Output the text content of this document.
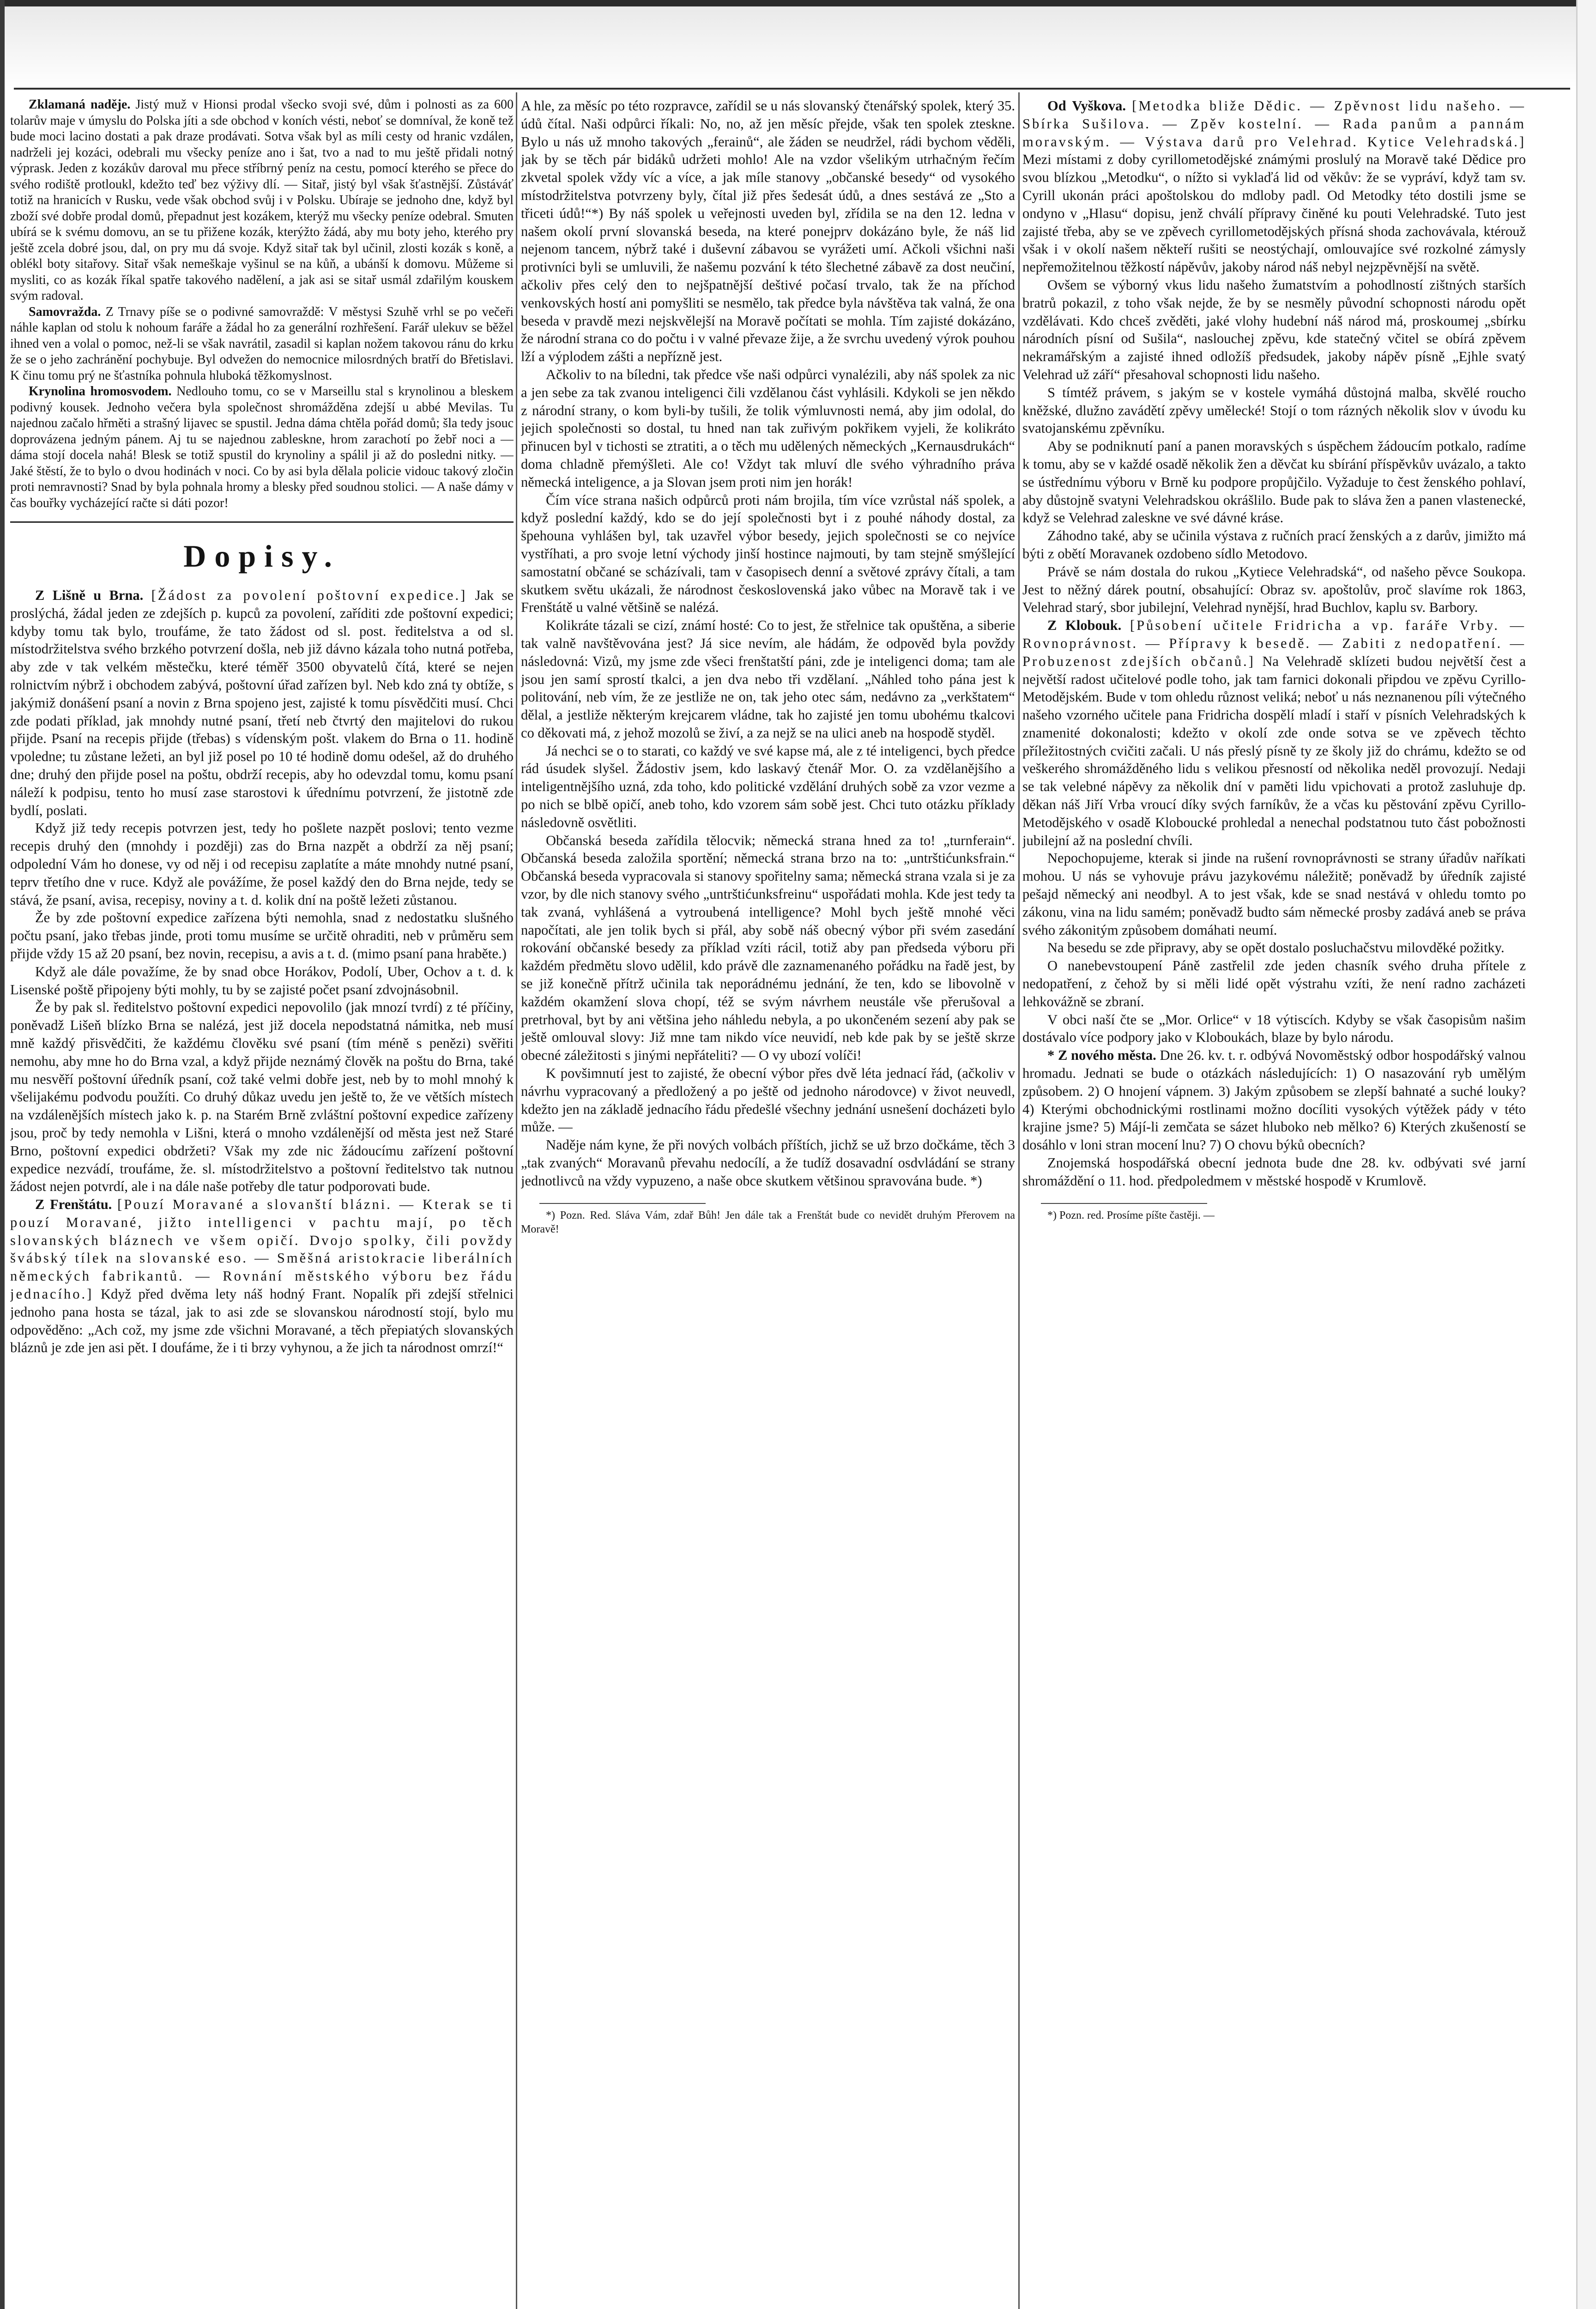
Zklamaná naděje. Jistý muž v Hionsi prodal všecko svoji své, dům i polnosti as za 600 tolarův maje v úmyslu do Polska jíti a sde obchod v koních vésti, neboť se domníval, že koně tež bude moci lacino dostati a pak draze prodávati. Sotva však byl as míli cesty od hranic vzdálen, nadrželi jej kozáci, odebrali mu všecky peníze ano i šat, tvo a nad to mu ještě přidali notný výprask. Jeden z kozákův daroval mu přece stříbrný peníz na cestu, pomocí kterého se přece do svého rodiště protloukl, kdežto teď bez výživy dlí. — Sitař, jistý byl však šťastnější. Zůstáváť totiž na hranicích v Rusku, vede však obchod svůj i v Polsku. Ubíraje se jednoho dne, když byl zboží své dobře prodal domů, přepadnut jest kozákem, kterýž mu všecky peníze odebral. Smuten ubírá se k svému domovu, an se tu přižene kozák, kterýžto žádá, aby mu boty jeho, kterého pry ještě zcela dobré jsou, dal, on pry mu dá svoje. Když sitař tak byl učinil, zlosti kozák s koně, a oblékl boty sitařovy. Sitař však nemeškaje vyšinul se na kůň, a ubánší k domovu. Můžeme si mysliti, co as kozák říkal spatře takového nadělení, a jak asi se sitař usmál zdařilým kouskem svým radoval.

Samovražda. Z Trnavy píše se o podivné samovraždě: V městysi Szuhě vrhl se po večeři náhle kaplan od stolu k nohoum faráře a žádal ho za generální rozhřešení. Farář ulekuv se běžel ihned ven a volal o pomoc, než-li se však navrátil, zasadil si kaplan nožem takovou ránu do krku že se o jeho zachránění pochybuje. Byl odvežen do nemocnice milosrdných bratří do Břetislavi. K činu tomu prý ne šťastníka pohnula hluboká těžkomyslnost.

Krynolina hromosvodem. Nedlouho tomu, co se v Marseillu stal s krynolinou a bleskem podivný kousek. Jednoho večera byla společnost shromážděna zdejší u abbé Mevilas. Tu najednou začalo hřměti a strašný lijavec se spustil. Jedna dáma chtěla pořád domů; šla tedy jsouc doprovázena jedným pánem. Aj tu se najednou zablesknе, hrom zarachotí po žebř noci a — dáma stojí docela nahá! Blesk se totiž spustil do krynoliny a spálil ji až do posledni nitky. — Jaké štěstí, že to bylo o dvou hodinách v noci. Co by asi byla dělala policie vidouc takový zločin proti nemravnosti? Snad by byla pohnala hromy a blesky před soudnou stolici. — A naše dámy v čas bouřky vycházející račte si dáti pozor!

Dopisy.

Z Lišně u Brna. [Žádost za povolení poštovní expedice.] Jak se proslýchá, žádal jeden ze zdejších p. kupců za povolení, zaříditi zde poštovní expedici; kdyby tomu tak bylo, troufáme, že tato žádost od sl. post. ředitelstva a od sl. místodržitelstva svého brzkého potvrzení došla, neb již dávno kázala toho nutná potřeba, aby zde v tak velkém městečku, které téměř 3500 obyvatelů čítá, které se nejen rolnictvím nýbrž i obchodem zabývá, poštovní úřad zařízen byl. Neb kdo zná ty obtíže, s jakýmiž donášení psaní a novin z Brna spojeno jest, zajisté k tomu písvědčiti musí. Chci zde podati příklad, jak mnohdy nutné psaní, třetí neb čtvrtý den majitelovi do rukou přijde. Psaní na recepis přijde (třebas) s vídenským pošt. vlakem do Brna o 11. hodině vpoledne; tu zůstane ležeti, an byl již posel po 10 té hodině domu odešel, až do druhého dne; druhý den přijde posel na poštu, obdrží recepis, aby ho odevzdal tomu, komu psaní náleží k podpisu, tento ho musí zase starostovi k úřednímu potvrzení, že jistotně zde bydlí, poslati.

Když již tedy recepis potvrzen jest, tedy ho pošlete nazpět poslovi; tento vezme recepis druhý den (mnohdy i později) zas do Brna nazpět a obdrží za něj psaní; odpolední Vám ho donese, vy od něj i od recepisu zaplatíte a máte mnohdy nutné psaní, teprv třetího dne v ruce. Když ale povážíme, že posel každý den do Brna nejde, tedy se stává, že psaní, avisa, recepisy, noviny a t. d. kolik dní na poště ležeti zůstanou.

Že by zde poštovní expedice zařízena býti nemohla, snad z nedostatku slušného počtu psaní, jako třebas jinde, proti tomu musíme se určitě ohraditi, neb v průměru sem přijde vždy 15 až 20 psaní, bez novin, recepisu, a avis a t. d. (mimo psaní pana hraběte.)

Když ale dále považíme, že by snad obce Horákov, Podolí, Uber, Ochov a t. d. k Lisenské poště připojeny býti mohly, tu by se zajisté počet psaní zdvojnásobnil.

Že by pak sl. ředitelstvo poštovní expedici nepovolilo (jak mnozí tvrdí) z té příčiny, poněvadž Lišeň blízko Brna se nalézá, jest již docela nepodstatná námitka, neb musí mně každý přisvědčiti, že každému člověku své psaní (tím méně s penězi) svěřiti nemohu, aby mne ho do Brna vzal, a když přijde neznámý člověk na poštu do Brna, také mu nesvěří poštovní úředník psaní, což také velmi dobře jest, neb by to mohl mnohý k všelijakému podvodu použíti. Co druhý důkaz uvedu jen ještě to, že ve větších místech na vzdálenějších místech jako k. p. na Starém Brně zvláštní poštovní expedice zařízeny jsou, proč by tedy nemohla v Lišni, která o mnoho vzdálenější od města jest než Staré Brno, poštovní expedici obdržeti? Však my zde nic žádoucímu zařízení poštovní expedice nezvádí, troufáme, že. sl. místodržitelstvo a poštovní ředitelstvo tak nutnou žádost nejen potvrdí, ale i na dále naše potřeby dle tatur podporovati bude.

Z Frenštátu. [Pouzí Moravané a slovanští blázni. — Kterak se ti pouzí Moravané, jižto intelligenci v pachtu mají, po těch slovanských bláznech ve všem opičí. Dvojo spolky, čili povždy švábský tílek na slovanské eso. — Směšná aristokracie liberálních německých fabrikantů. — Rovnání městského výboru bez řádu jednacího.] Když před dvěma lety náš hodný Frant. Nopalík při zdejší střelnici jednoho pana hosta se tázal, jak to asi zde se slovanskou národností stojí, bylo mu odpověděno: „Ach což, my jsme zde všichni Moravané, a těch přepiatých slovanských bláznů je zde jen asi pět. I doufáme, že i ti brzy vyhynou, a že jich ta národnost omrzí!“

A hle, za měsíc po této rozpravce, zařídil se u nás slovanský čtenářský spolek, který 35. údů čítal. Naši odpůrci říkali: No, no, až jen měsíc přejde, však ten spolek zteskne. Bylo u nás už mnoho takových „ferainů“, ale žáden se neudržel, rádi bychom věděli, jak by se těch pár bidáků udržeti mohlo! Ale na vzdor všelikým utrhačným řečím zkvetal spolek vždy víc a více, a jak míle stanovy „občanské besedy“ od vysokého místodržitelstva potvrzeny byly, čítal již přes šedesát údů, a dnes sestává ze „Sto a třiceti údů!“*) By náš spolek u veřejnosti uveden byl, zřídila se na den 12. ledna v našem okolí první slovanská beseda, na které ponejprv dokázáno byle, že náš lid nejenom tancem, nýbrž také i duševní zábavou se vyrážeti umí. Ačkoli všichni naši protivníci byli se umluvili, že našemu pozvání k této šlechetné zábavě za dost neučiní, ačkoliv přes celý den to nejšpatnější deštivé počasí trvalo, tak že na příchod venkovských hostí ani pomyšliti se nesmělo, tak předce byla návštěva tak valná, že ona beseda v pravdě mezi nejskvělejší na Moravě počítati se mohla. Tím zajisté dokázáno, že národní strana co do počtu i v valné převaze žije, a že svrchu uvedený výrok pouhou lží a výplodem zášti a nepřízně jest.

Ačkoliv to na bíledni, tak předce vše naši odpůrci vynalézili, aby náš spolek za nic a jen sebe za tak zvanou inteligenci čili vzdělanou část vyhlásili. Kdykoli se jen někdo z národní strany, o kom byli-by tušili, že tolik výmluvnosti nemá, aby jim odolal, do jejich společnosti so dostal, tu hned nan tak zuřivým pokřikem vyjeli, že kolikráto přinucen byl v tichosti se ztratiti, a o těch mu udělených německých „Kernausdrukách“ doma chladně přemýšleti. Ale co! Vždyt tak mluví dle svého výhradního práva německá inteligence, a ja Slovan jsem proti nim jen horák!

Čím více strana našich odpůrců proti nám brojila, tím více vzrůstal náš spolek, a když poslední každý, kdo se do její společnosti byt i z pouhé náhody dostal, za špehouna vyhlášen byl, tak uzavřel výbor besedy, jejich společnosti se co nejvíce vystříhati, a pro svoje letní východy jinší hostince najmouti, by tam stejně smýšlející samostatní občané se scházívali, tam v časopisech denní a světové zprávy čítali, a tam skutkem světu ukázali, že národnost československá jako vůbec na Moravě tak i ve Frenštátě u valné většině se nalézá.

Kolikráte tázali se cizí, známí hosté: Co to jest, že střelnice tak opuštěna, a siberie tak valně navštěvována jest? Já sice nevím, ale hádám, že odpověd byla povždy následovná: Vizů, my jsme zde všeci frenštatští páni, zde je inteligenci doma; tam ale jsou jen samí sprostí tkalci, a jen dva nebo tři vzdělaní. „Náhled toho pána jest k politování, neb vím, že ze jestliže ne on, tak jeho otec sám, nedávno za „verkštatem“ dělal, a jestliže některým krejcarem vládne, tak ho zajisté jen tomu ubohému tkalcovi co děkovati má, z jehož mozolů se živí, a za nejž se na ulici aneb na hospodě styděl.

Já nechci se o to starati, co každý ve své kapse má, ale z té inteligenci, bych předce rád úsudek slyšel. Žádostiv jsem, kdo laskavý čtenář Mor. O. za vzdělanějšího a inteligentnějšího uzná, zda toho, kdo politické vzdělání druhých sobě za vzor vezme a po nich se blbě opičí, aneb toho, kdo vzorem sám sobě jest. Chci tuto otázku příklady následovně osvětliti.

Občanská beseda zařídila tělocvik; německá strana hned za to! „turnferain“. Občanská beseda založila sportění; německá strana brzo na to: „untrštićunksfrain.“ Občanská beseda vypracovala si stanovy spořitelny sama; německá strana vzala si je za vzor, by dle nich stanovy svého „untrštićunksfreinu“ uspořádati mohla. Kde jest tedy ta tak zvaná, vyhlášená a vytroubená intelligence? Mohl bych ještě mnohé věci napočítati, ale jen tolik bych si přál, aby sobě náš obecný výbor při svém zasedání rokování občanské besedy za příklad vzíti rácil, totiž aby pan předseda výboru při každém předmětu slovo udělil, kdo právě dle zaznamenaného pořádku na řadě jest, by se již konečně přítrž učinila tak neporádnému jednání, že ten, kdo se libovolně v každém okamžení slova chopí, též se svým návrhem neustále vše přerušoval a pretrhoval, byt by ani většina jeho náhledu nebyla, a po ukončeném sezení aby pak se ještě omlouval slovy: Již mne tam nikdo více neuvidí, neb kde pak by se ještě skrze obecné záležitosti s jinými nepřáteliti? — O vy ubozí volíči!

K povšimnutí jest to zajisté, že obecní výbor přes dvě léta jednací řád, (ačkoliv v návrhu vypracovaný a předložený a po ještě od jednoho národovce) v život neuvedl, kdežto jen na základě jednacího řádu předešlé všechny jednání usnešení docházeti bylo můžе. —

Naděje nám kyne, že při nových volbách příštích, jichž se už brzo dočkáme, těch 3 „tak zvaných“ Moravanů převahu nedocílí, a že tudíž dosavadní osdvládání se strany jednotlivců na vždy vypuzeno, a naše obce skutkem většinou spravována bude. *)

*) Pozn. Red. Sláva Vám, zdař Bůh! Jen dále tak a Frenštát bude co nevidět druhým Přerovem na Moravě!

Od Vyškova. [Metodka bliže Dědic. — Zpěvnost lidu našeho. — Sbírka Sušilova. — Zpěv kostelní. — Rada panům a pannám moravským. — Výstava darů pro Velehrad. Kytice Velehradská.] Mezi místami z doby cyrillometodějské známými proslulý na Moravě také Dědice pro svou blízkou „Metodku“, o nížto si vyklaďá lid od věkův: že se vypráví, když tam sv. Cyrill ukonán práci apoštolskou do mdloby padl. Od Metodky této dostili jsme se ondyno v „Hlasu“ dopisu, jenž chválí přípravy činěné ku pouti Velehradské. Tuto jest zajisté třeba, aby se ve zpěvech cyrillometodějských přísná shoda zachovávala, ktérouž však i v okolí našem někteří rušiti se neostýchají, omlouvajíce své rozkolné zámysly nepřemožitelnou těžkostí nápěvův, jakoby národ náš nebyl nejzpěvnější na světě.

Ovšem se výborný vkus lidu našeho žumatstvím a pohodlností zištných starších bratrů pokazil, z toho však nejde, že by se nesměly původní schopnosti národu opět vzdělávati. Kdo chceš zvěděti, jaké vlohy hudební náš národ má, proskoumej „sbírku národních písní od Sušila“, naslouchej zpěvu, kde statečný včitel se obírá zpěvem nekramářským a zajisté ihned odložíš předsudek, jakoby nápěv písně „Ejhle svatý Velehrad už září“ přesahoval schopnosti lidu našeho.

S tímtéž právem, s jakým se v kostele vymáhá důstojná malba, skvělé roucho kněžské, dlužno zavádětí zpěvy umělecké! Stojí o tom rázných několik slov v úvodu ku svatojanskému zpěvníku.

Aby se podniknutí paní a panen moravských s úspěchem žádoucím potkalo, radíme k tomu, aby se v každé osadě několik žen a děvčat ku sbírání příspěvkův uvázalo, a takto se ústřednímu výboru v Brně ku podpore propůjčilo. Vyžaduje to čest ženského pohlaví, aby důstojně svatyni Velehradskou okrášlilo. Bude pak to sláva žen a panen vlastenecké, když se Velehrad zalesknе ve své dávné kráse.

Záhodno také, aby se učinila výstava z ručních prací ženských a z darův, jimižto má býti z obětí Moravanek ozdobeno sídlo Metodovo.

Právě se nám dostala do rukou „Kytiece Velehradská“, od našeho pěvce Soukopa. Jest to něžný dárek poutní, obsahující: Obraz sv. apoštolův, proč slavíme rok 1863, Velehrad starý, sbor jubilejní, Velehrad nynější, hrad Buchlov, kaplu sv. Barbory.

Z Klobouk. [Působení učitele Fridricha a vp. faráře Vrby. — Rovnoprávnost. — Přípravy k besedě. — Zabiti z nedopatření. — Probuzenost zdejších občanů.] Na Velehradě sklízeti budou největší čest a největší radost učitelové podle toho, jak tam farnici dokonali připdou ve zpěvu Cyrillo-Metodějském. Bude v tom ohledu různost veliká; neboť u nás neznanenou píli výtečného našeho vzorného učitele pana Fridricha dospělí mladí i staří v písních Velehradských k znamenité dokonalosti; kdežto v okolí zde onde sotva se ve zpěvech těchto příležitostných cvičiti začali. U nás přeslý písně ty ze školy již do chrámu, kdežto se od veškerého shromážděného lidu s velikou přesností od několika neděl provozují. Nedaji se tak velebné nápěvy za několik dní v paměti lidu vpichovati a protož zasluhuje dp. děkan náš Jiří Vrba vroucí díky svých farníkův, že a včas ku pěstování zpěvu Cyrillo-Metodějského v osadě Kloboucké prohledal a nenechal podstatnou tuto část pobožnosti jubilejní až na poslední chvíli.

Nepochopujeme, kterak si jinde na rušení rovnoprávnosti se strany úřadův naříkati mohou. U nás se vyhovuje právu jazykovému náležitě; poněvadž by úředník zajisté pešajd německý ani neodbyl. A to jest však, kde se snad nestává v ohledu tomto po zákonu, vina na lidu samém; poněvadž budto sám německé prosby zadává aneb se práva svého zákonitým způsobem domáhati neumí.

Na besedu se zde připravy, aby se opět dostalo posluchačstvu milovděké požitky.

O nanebevstoupení Páně zastřelil zde jeden chasník svého druha přítele z nedopatření, z čehož by si měli lidé opět výstrahu vzíti, že není radno zacházeti lehkovážně se zbraní.

V obci naší čte se „Mor. Orlice“ v 18 výtiscích. Kdyby se však časopisům našim dostávalo více podpory jako v Kloboukách, blaze by bylo národu.

* Z nového města. Dne 26. kv. t. r. odbývá Novoměstský odbor hospodářský valnou hromadu. Jednati se bude o otázkách následujících: 1) O nasazování ryb umělým způsobem. 2) O hnojení vápnem. 3) Jakým způsobem se zlepší bahnaté a suché louky? 4) Kterými obchodnickými rostlinami možno docíliti vysokých výtěžek pády v této krajine jsme? 5) Májí-li zemčata se sázet hluboko neb mělko? 6) Kterých zkušeností se dosáhlo v loni stran mocení lnu? 7) O chovu býků obecních?

Znojemská hospodářská obecní jednota bude dne 28. kv. odbývati své jarní shromáždění o 11. hod. předpoledmem v městské hospodě v Krumlově.

*) Pozn. red. Prosíme píšte častěji. —
